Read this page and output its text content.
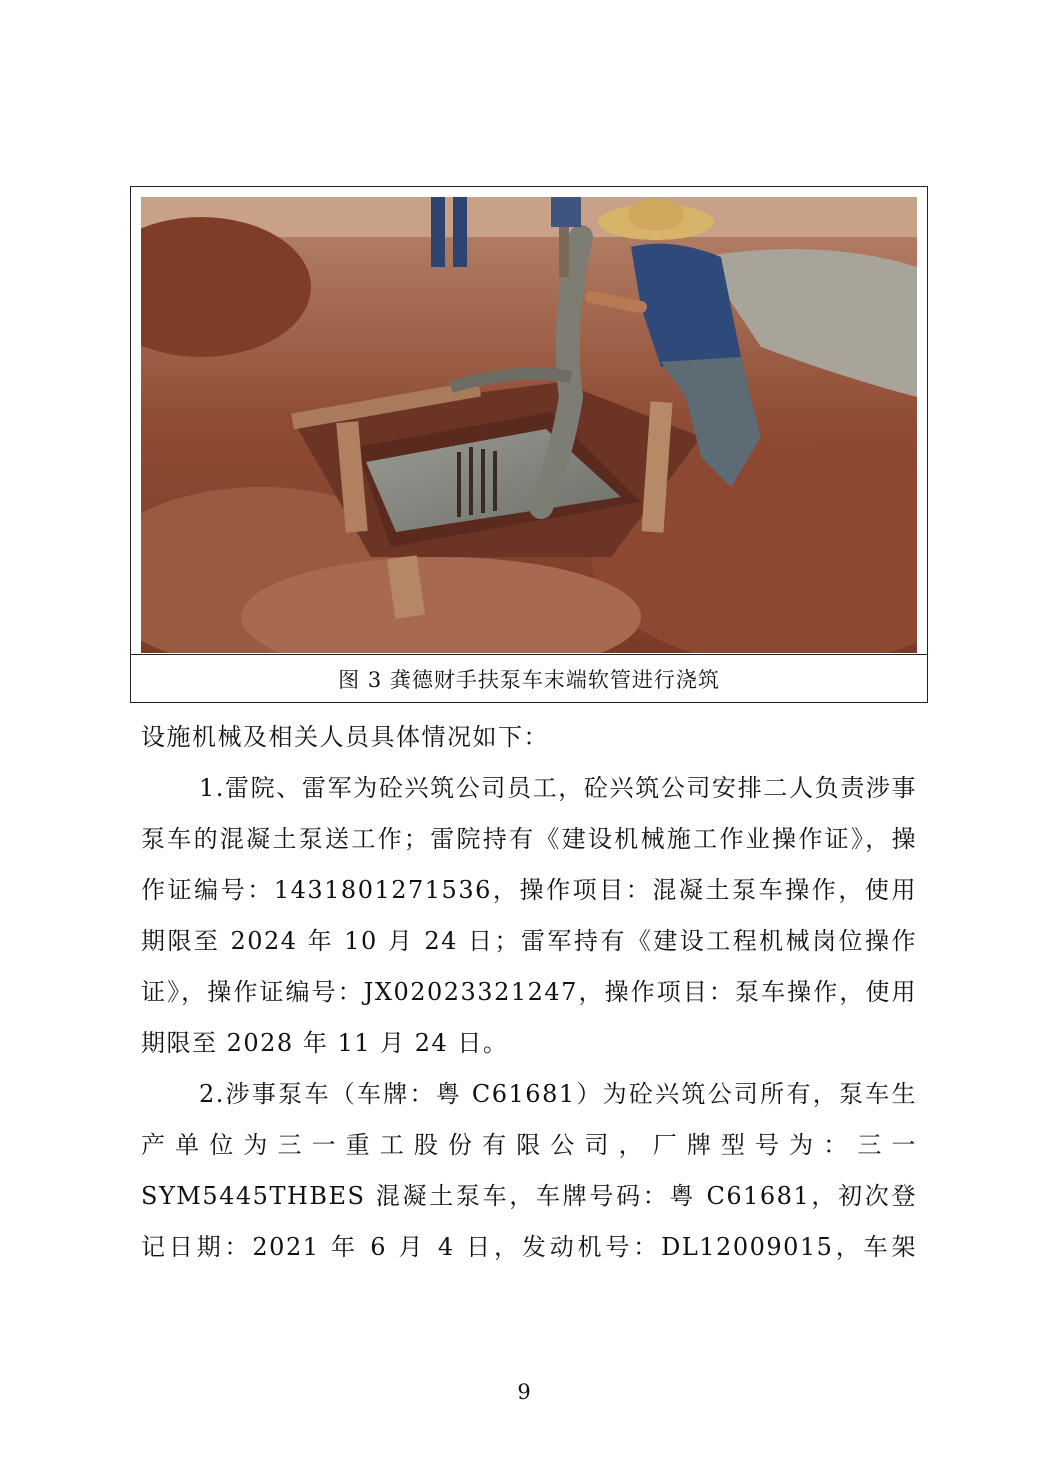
图 3 龚德财手扶泵车末端软管进行浇筑

设施机械及相关人员具体情况如下：

1.雷院、雷军为砼兴筑公司员工，砼兴筑公司安排二人负责涉事泵车的混凝土泵送工作；雷院持有《建设机械施工作业操作证》，操作证编号：1431801271536，操作项目：混凝土泵车操作，使用期限至 2024 年 10 月 24 日；雷军持有《建设工程机械岗位操作证》，操作证编号：JX02023321247，操作项目：泵车操作，使用期限至 2028 年 11 月 24 日。

2.涉事泵车（车牌：粤 C61681）为砼兴筑公司所有，泵车生产单位为三一重工股份有限公司，厂牌型号为：三一SYM5445THBES 混凝土泵车，车牌号码：粤 C61681，初次登记日期：2021 年 6 月 4 日，发动机号：DL12009015，车架

9
